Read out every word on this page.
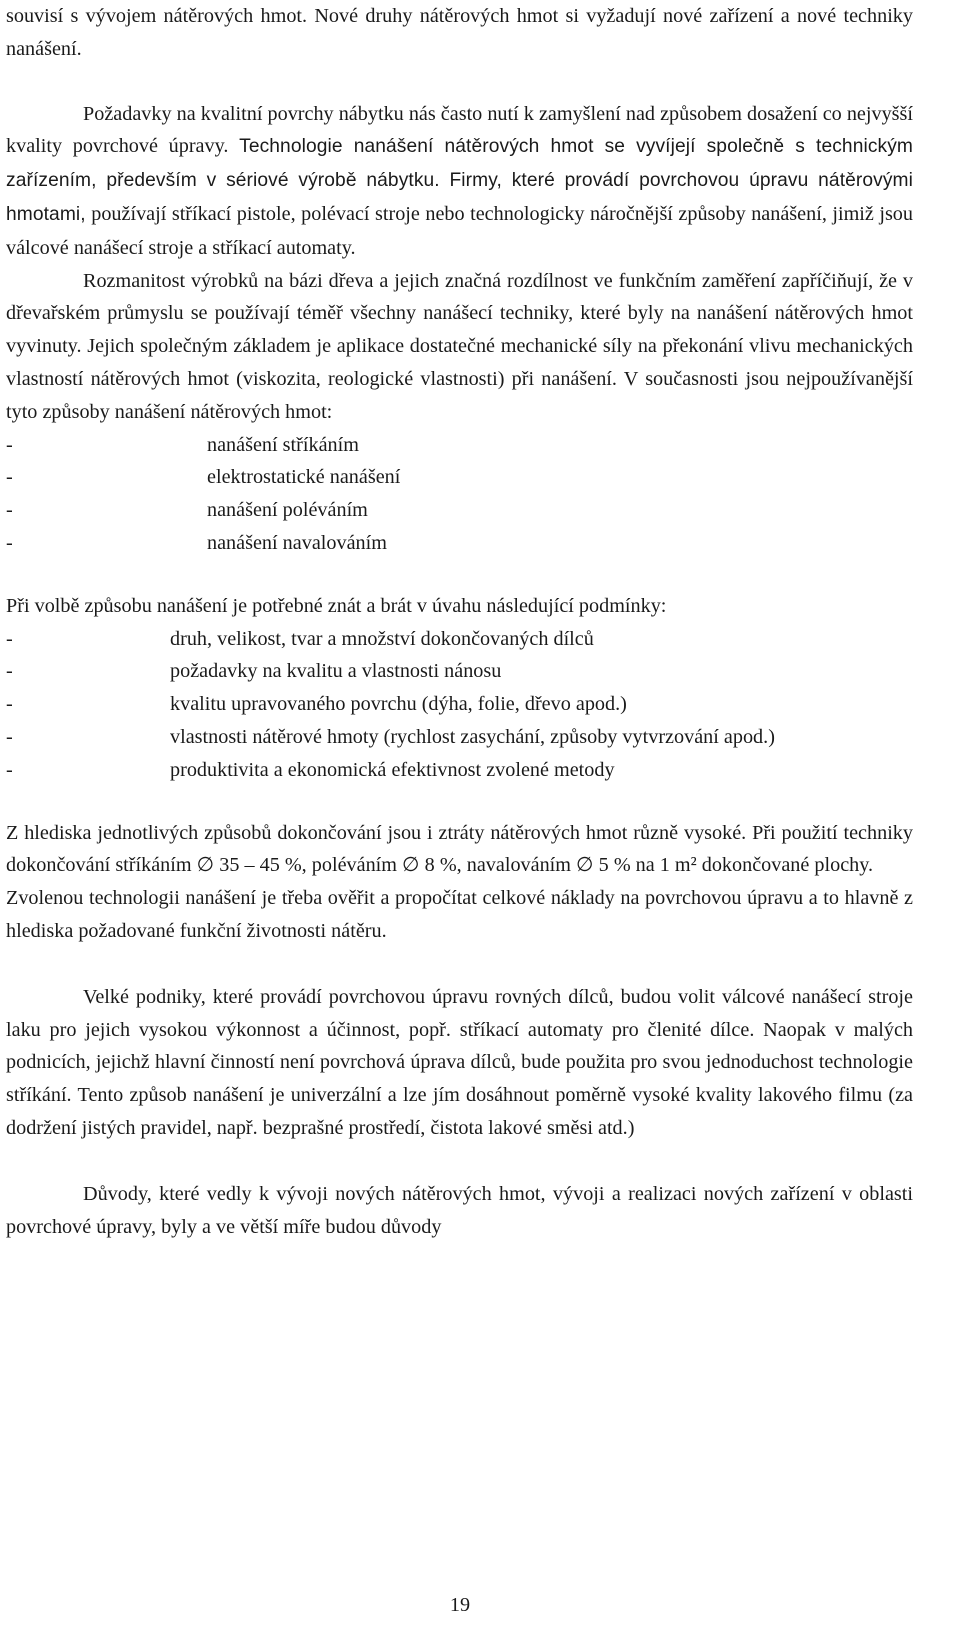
souvisí s vývojem nátěrových hmot. Nové druhy nátěrových hmot si vyžadují nové zařízení a nové techniky nanášení.

Požadavky na kvalitní povrchy nábytku nás často nutí k zamyšlení nad způsobem dosažení co nejvyšší kvality povrchové úpravy. Technologie nanášení nátěrových hmot se vyvíjejí společně s technickým zařízením, především v sériové výrobě nábytku. Firmy, které provádí povrchovou úpravu nátěrovými hmotami, používají stříkací pistole, polévací stroje nebo technologicky náročnější způsoby nanášení, jimiž jsou válcové nanášecí stroje a stříkací automaty.

Rozmanitost výrobků na bázi dřeva a jejich značná rozdílnost ve funkčním zaměření zapříčiňují, že v dřevařském průmyslu se používají téměř všechny nanášecí techniky, které byly na nanášení nátěrových hmot vyvinuty. Jejich společným základem je aplikace dostatečné mechanické síly na překonání vlivu mechanických vlastností nátěrových hmot (viskozita, reologické vlastnosti) při nanášení. V současnosti jsou nejpoužívanější tyto způsoby nanášení nátěrových hmot:

-	nanášení stříkáním
-	elektrostatické nanášení
-	nanášení poléváním
-	nanášení navalováním

Při volbě způsobu nanášení je potřebné znát a brát v úvahu následující podmínky:

-	druh, velikost, tvar a množství dokončovaných dílců
-	požadavky na kvalitu a vlastnosti nánosu
-	kvalitu upravovaného povrchu (dýha, folie, dřevo apod.)
-	vlastnosti nátěrové hmoty (rychlost zasychání, způsoby vytvrzování apod.)
-	produktivita a ekonomická efektivnost zvolené metody

Z hlediska jednotlivých způsobů dokončování jsou i ztráty nátěrových hmot různě vysoké. Při použití techniky dokončování stříkáním ∅ 35 – 45 %, poléváním ∅ 8 %, navalováním ∅ 5 % na 1 m² dokončované plochy.

Zvolenou technologii nanášení je třeba ověřit a propočítat celkové náklady na povrchovou úpravu a to hlavně z hlediska požadované funkční životnosti nátěru.

Velké podniky, které provádí povrchovou úpravu rovných dílců, budou volit válcové nanášecí stroje laku pro jejich vysokou výkonnost a účinnost, popř. stříkací automaty pro členité dílce. Naopak v malých podnicích, jejichž hlavní činností není povrchová úprava dílců, bude použita pro svou jednoduchost technologie stříkání. Tento způsob nanášení je univerzální a lze jím dosáhnout poměrně vysoké kvality lakového filmu (za dodržení jistých pravidel, např. bezprašné prostředí, čistota lakové směsi atd.)

Důvody, které vedly k vývoji nových nátěrových hmot, vývoji a realizaci nových zařízení v oblasti povrchové úpravy, byly a ve větší míře budou důvody

19
